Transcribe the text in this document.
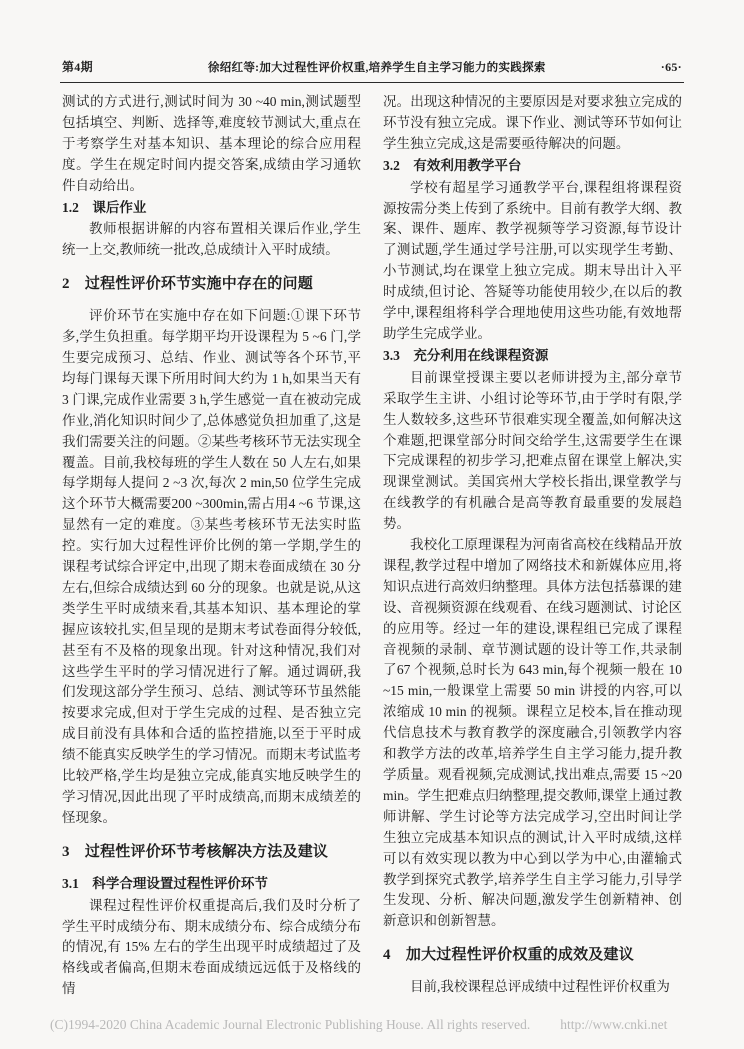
第4期	徐绍红等:加大过程性评价权重,培养学生自主学习能力的实践探索	·65·

测试的方式进行,测试时间为 30 ~40 min,测试题型包括填空、判断、选择等,难度较节测试大,重点在于考察学生对基本知识、基本理论的综合应用程度。学生在规定时间内提交答案,成绩由学习通软件自动给出。

1.2　课后作业

教师根据讲解的内容布置相关课后作业,学生统一上交,教师统一批改,总成绩计入平时成绩。

2　过程性评价环节实施中存在的问题

评价环节在实施中存在如下问题:①课下环节多,学生负担重。每学期平均开设课程为 5 ~6 门,学生要完成预习、总结、作业、测试等各个环节,平均每门课每天课下所用时间大约为 1 h,如果当天有 3 门课,完成作业需要 3 h,学生感觉一直在被动完成作业,消化知识时间少了,总体感觉负担加重了,这是我们需要关注的问题。②某些考核环节无法实现全覆盖。目前,我校每班的学生人数在 50 人左右,如果每学期每人提问 2 ~3 次,每次 2 min,50 位学生完成这个环节大概需要200 ~300min,需占用4 ~6 节课,这显然有一定的难度。③某些考核环节无法实时监控。实行加大过程性评价比例的第一学期,学生的课程考试综合评定中,出现了期末卷面成绩在 30 分左右,但综合成绩达到 60 分的现象。也就是说,从这类学生平时成绩来看,其基本知识、基本理论的掌握应该较扎实,但呈现的是期末考试卷面得分较低,甚至有不及格的现象出现。针对这种情况,我们对这些学生平时的学习情况进行了解。通过调研,我们发现这部分学生预习、总结、测试等环节虽然能按要求完成,但对于学生完成的过程、是否独立完成目前没有具体和合适的监控措施,以至于平时成绩不能真实反映学生的学习情况。而期末考试监考比较严格,学生均是独立完成,能真实地反映学生的学习情况,因此出现了平时成绩高,而期末成绩差的怪现象。

3　过程性评价环节考核解决方法及建议

3.1　科学合理设置过程性评价环节

课程过程性评价权重提高后,我们及时分析了学生平时成绩分布、期末成绩分布、综合成绩分布的情况,有 15% 左右的学生出现平时成绩超过了及格线或者偏高,但期末卷面成绩远远低于及格线的情

况。出现这种情况的主要原因是对要求独立完成的环节没有独立完成。课下作业、测试等环节如何让学生独立完成,这是需要亟待解决的问题。

3.2　有效利用教学平台

学校有超星学习通教学平台,课程组将课程资源按需分类上传到了系统中。目前有教学大纲、教案、课件、题库、教学视频等学习资源,每节设计了测试题,学生通过学号注册,可以实现学生考勤、小节测试,均在课堂上独立完成。期末导出计入平时成绩,但讨论、答疑等功能使用较少,在以后的教学中,课程组将科学合理地使用这些功能,有效地帮助学生完成学业。

3.3　充分利用在线课程资源

目前课堂授课主要以老师讲授为主,部分章节采取学生主讲、小组讨论等环节,由于学时有限,学生人数较多,这些环节很难实现全覆盖,如何解决这个难题,把课堂部分时间交给学生,这需要学生在课下完成课程的初步学习,把难点留在课堂上解决,实现课堂测试。美国宾州大学校长指出,课堂教学与在线教学的有机融合是高等教育最重要的发展趋势。

我校化工原理课程为河南省高校在线精品开放课程,教学过程中增加了网络技术和新媒体应用,将知识点进行高效归纳整理。具体方法包括慕课的建设、音视频资源在线观看、在线习题测试、讨论区的应用等。经过一年的建设,课程组已完成了课程音视频的录制、章节测试题的设计等工作,共录制了67 个视频,总时长为 643 min,每个视频一般在 10 ~15 min,一般课堂上需要 50 min 讲授的内容,可以浓缩成 10 min 的视频。课程立足校本,旨在推动现代信息技术与教育教学的深度融合,引领教学内容和教学方法的改革,培养学生自主学习能力,提升教学质量。观看视频,完成测试,找出难点,需要 15 ~20 min。学生把难点归纳整理,提交教师,课堂上通过教师讲解、学生讨论等方法完成学习,空出时间让学生独立完成基本知识点的测试,计入平时成绩,这样可以有效实现以教为中心到以学为中心,由灌输式教学到探究式教学,培养学生自主学习能力,引导学生发现、分析、解决问题,激发学生创新精神、创新意识和创新智慧。

4　加大过程性评价权重的成效及建议

目前,我校课程总评成绩中过程性评价权重为

(C)1994-2020 China Academic Journal Electronic Publishing House. All rights reserved. http://www.cnki.net
